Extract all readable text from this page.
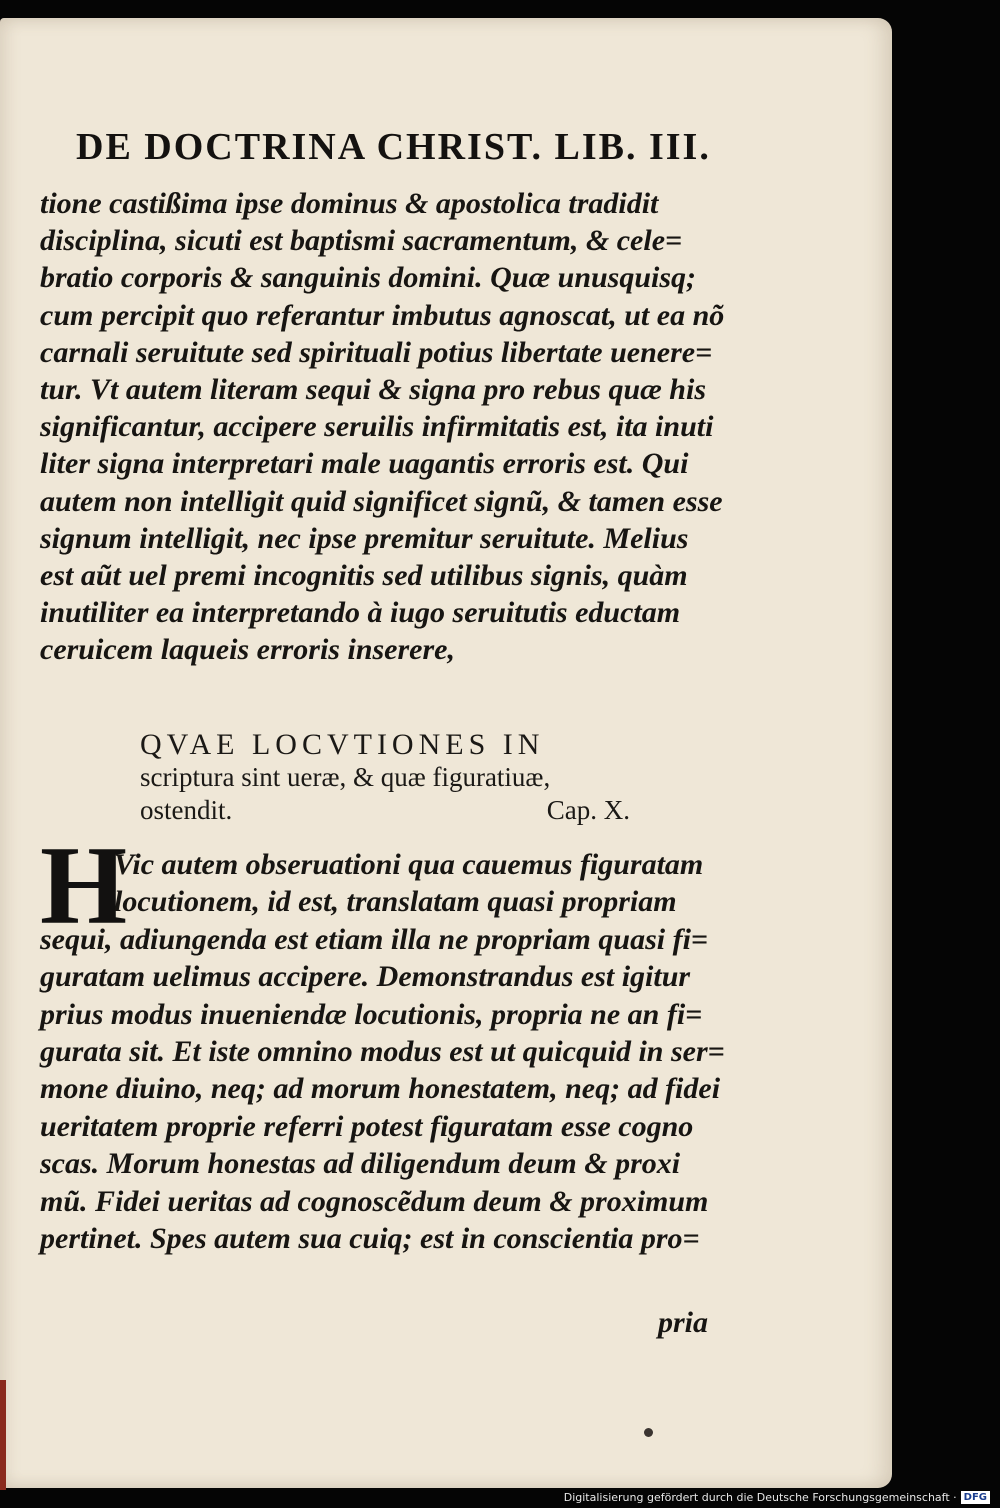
DE DOCTRINA CHRIST. LIB. III.
tione castißima ipse dominus & apostolica tradidit
disciplina, sicuti est baptismi sacramentum, & cele=
bratio corporis & sanguinis domini. Quæ unusquisq;
cum percipit quo referantur imbutus agnoscat, ut ea nõ
carnali seruitute sed spirituali potius libertate uenere=
tur. Vt autem literam sequi & signa pro rebus quæ his
significantur, accipere seruilis infirmitatis est, ita inuti
liter signa interpretari male uagantis erroris est. Qui
autem non intelligit quid significet signũ, & tamen esse
signum intelligit, nec ipse premitur seruitute. Melius
est aũt uel premi incognitis sed utilibus signis, quàm
inutiliter ea interpretando à iugo seruitutis eductam
ceruicem laqueis erroris inserere,
QVAE LOCVTIONES IN
scriptura sint ueræ, & quæ figuratiuæ,
ostendit.	Cap. X.
H
Vic autem obseruationi qua cauemus figuratam
locutionem, id est, translatam quasi propriam
sequi, adiungenda est etiam illa ne propriam quasi fi=
guratam uelimus accipere. Demonstrandus est igitur
prius modus inueniendæ locutionis, propria ne an fi=
gurata sit. Et iste omnino modus est ut quicquid in ser=
mone diuino, neq; ad morum honestatem, neq; ad fidei
ueritatem proprie referri potest figuratam esse cogno
scas. Morum honestas ad diligendum deum & proxi
mũ. Fidei ueritas ad cognoscẽdum deum & proximum
pertinet. Spes autem sua cuiq; est in conscientia pro=
pria
Digitalisierung gefördert durch die Deutsche Forschungsgemeinschaft · DFG
